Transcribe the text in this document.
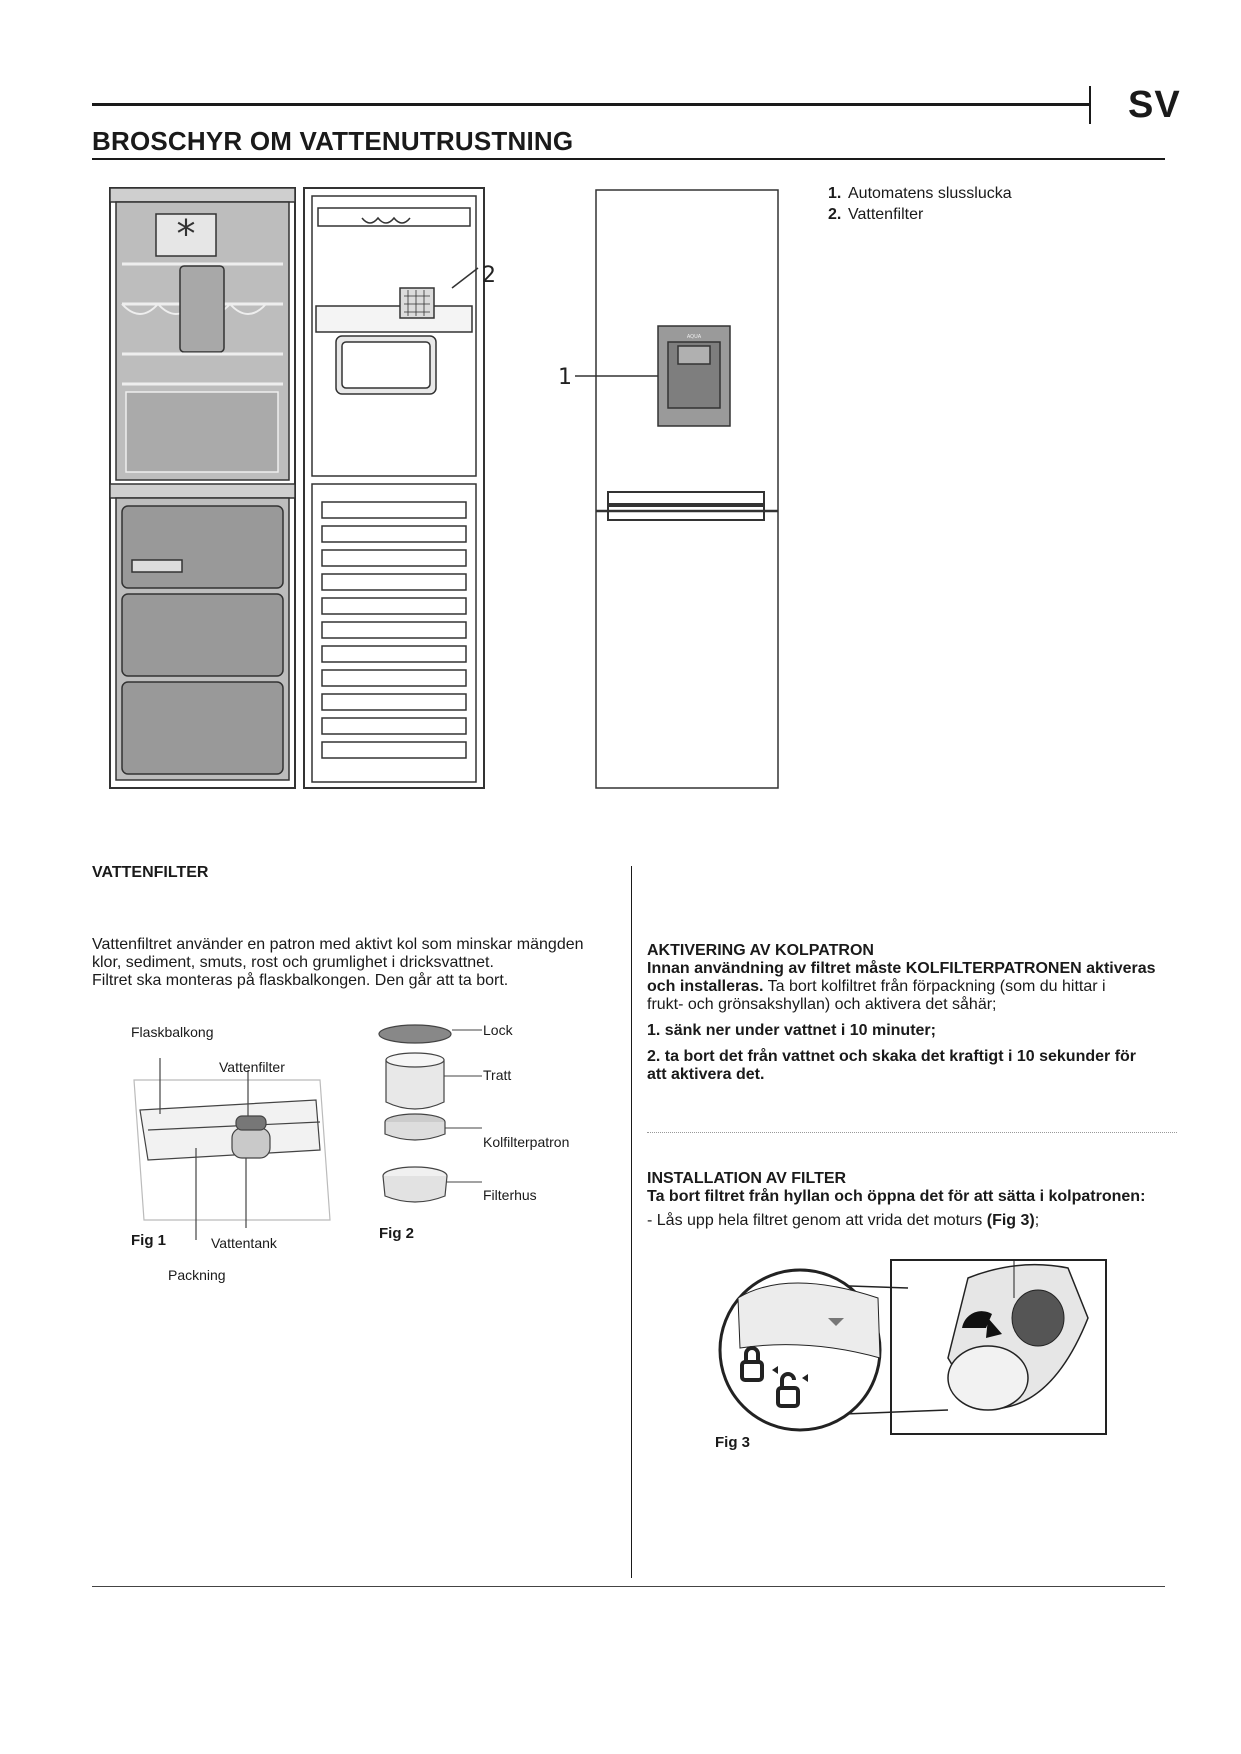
SV
BROSCHYR OM VATTENUTRUSTNING
*
2
1
AQUA
1. Automatens slusslucka
2. Vattenfilter
VATTENFILTER
Vattenfiltret använder en patron med aktivt kol som minskar mängden
klor, sediment, smuts, rost och grumlighet i dricksvattnet.
Filtret ska monteras på flaskbalkongen. Den går att ta bort.
Flaskbalkong
Vattenfilter
Fig 1	Vattentank
Packning
Lock
Tratt
Kolfilterpatron
Filterhus
Fig 2
AKTIVERING AV KOLPATRON
Innan användning av filtret måste KOLFILTERPATRONEN aktiveras
och installeras. Ta bort kolfiltret från förpackning (som du hittar i
frukt- och grönsakshyllan) och aktivera det såhär;
1. sänk ner under vattnet i 10 minuter;
2. ta bort det från vattnet och skaka det kraftigt i 10 sekunder för
att aktivera det.
INSTALLATION AV FILTER
Ta bort filtret från hyllan och öppna det för att sätta i kolpatronen:
- Lås upp hela filtret genom att vrida det moturs (Fig 3);
Fig 3
